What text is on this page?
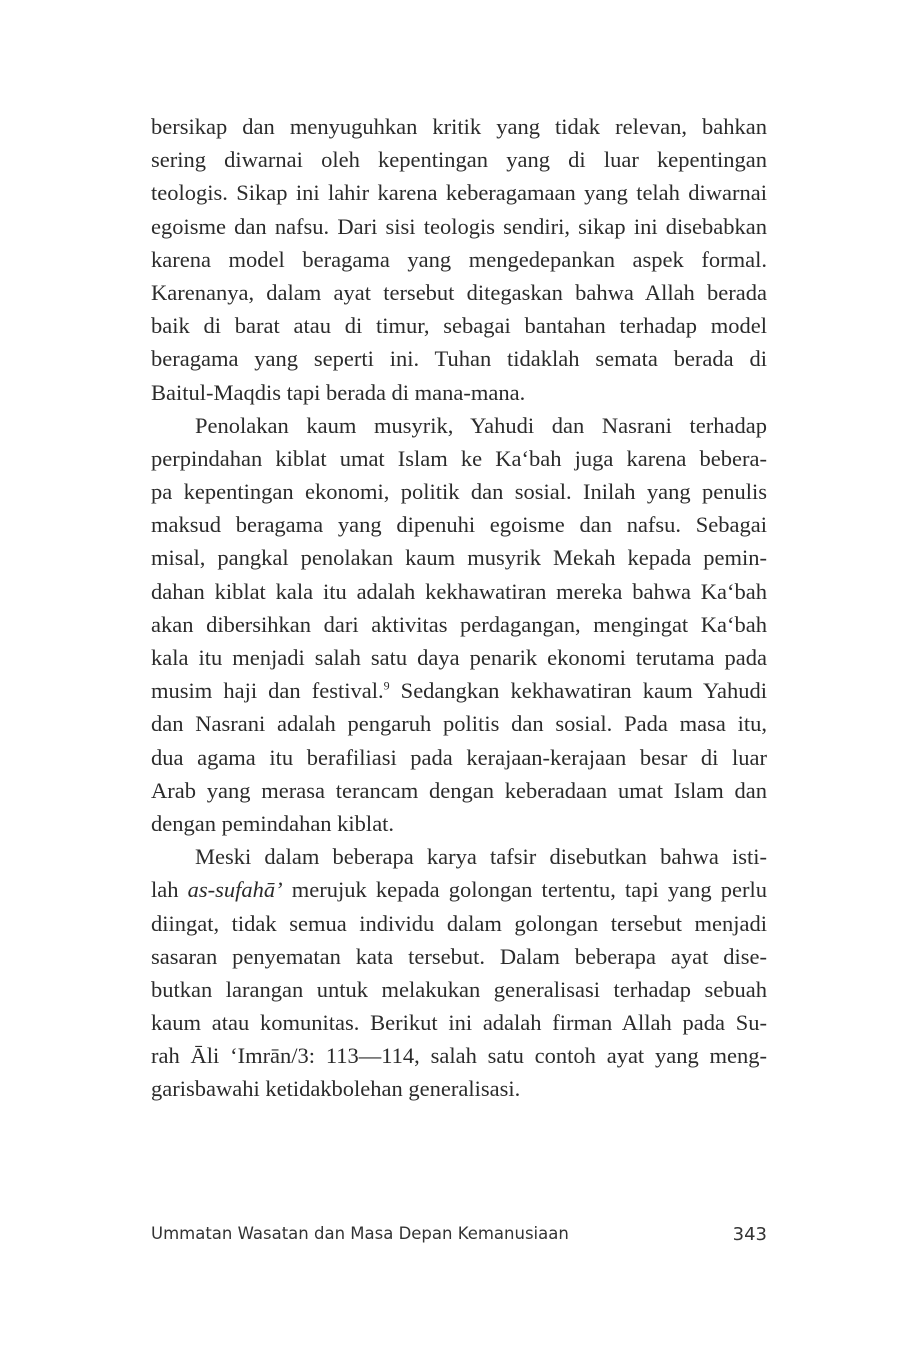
bersikap dan menyuguhkan kritik yang tidak relevan, bahkan
sering diwarnai oleh kepentingan yang di luar kepentingan
teologis. Sikap ini lahir karena keberagamaan yang telah diwarnai
egoisme dan nafsu. Dari sisi teologis sendiri, sikap ini disebabkan
karena model beragama yang mengedepankan aspek formal.
Karenanya, dalam ayat tersebut ditegaskan bahwa Allah berada
baik di barat atau di timur, sebagai bantahan terhadap model
beragama yang seperti ini. Tuhan tidaklah semata berada di
Baitul-Maqdis tapi berada di mana-mana.
Penolakan kaum musyrik, Yahudi dan Nasrani terhadap
perpindahan kiblat umat Islam ke Ka‘bah juga karena bebera-
pa kepentingan ekonomi, politik dan sosial. Inilah yang penulis
maksud beragama yang dipenuhi egoisme dan nafsu. Sebagai
misal, pangkal penolakan kaum musyrik Mekah kepada pemin-
dahan kiblat kala itu adalah kekhawatiran mereka bahwa Ka‘bah
akan dibersihkan dari aktivitas perdagangan, mengingat Ka‘bah
kala itu menjadi salah satu daya penarik ekonomi terutama pada
musim haji dan festival.$^9$ Sedangkan kekhawatiran kaum Yahudi
dan Nasrani adalah pengaruh politis dan sosial. Pada masa itu,
dua agama itu berafiliasi pada kerajaan-kerajaan besar di luar
Arab yang merasa terancam dengan keberadaan umat Islam dan
dengan pemindahan kiblat.
Meski dalam beberapa karya tafsir disebutkan bahwa isti-
lah as-sufahā’ merujuk kepada golongan tertentu, tapi yang perlu
diingat, tidak semua individu dalam golongan tersebut menjadi
sasaran penyematan kata tersebut. Dalam beberapa ayat dise-
butkan larangan untuk melakukan generalisasi terhadap sebuah
kaum atau komunitas. Berikut ini adalah firman Allah pada Su-
rah Āli ‘Imrān/3: 113—114, salah satu contoh ayat yang meng-
garisbawahi ketidakbolehan generalisasi.
Ummatan Wasatan dan Masa Depan Kemanusiaan	343
